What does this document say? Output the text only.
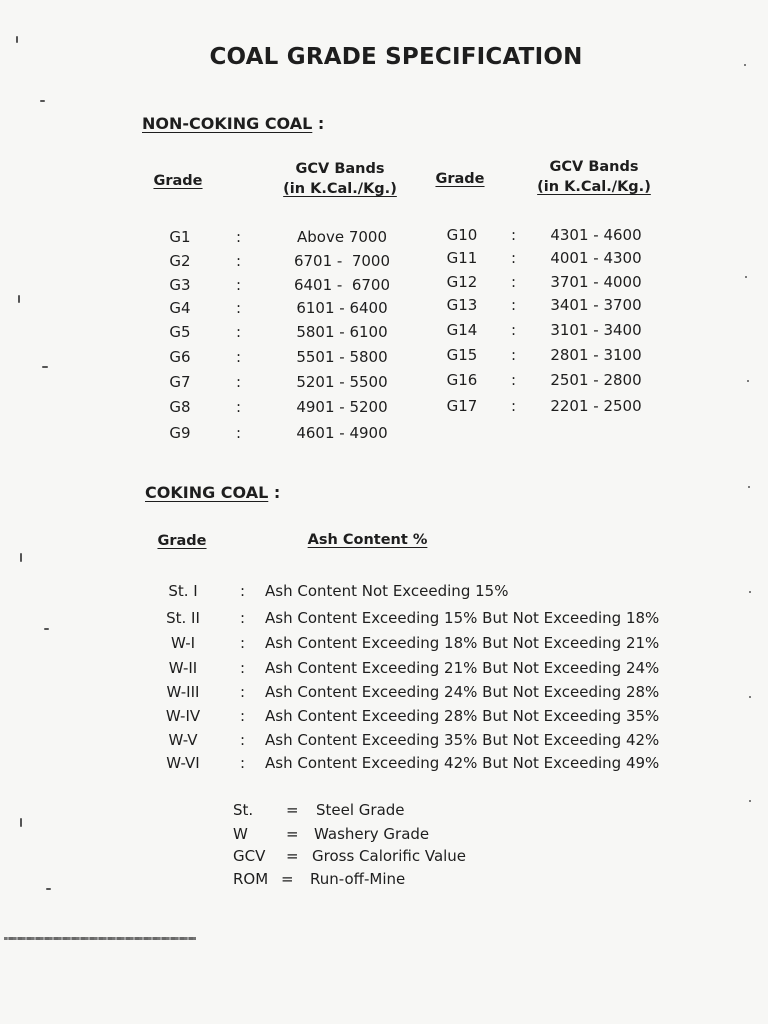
COAL GRADE SPECIFICATION
NON-COKING COAL :
Grade
GCV Bands
(in K.Cal./Kg.)
Grade
GCV Bands
(in K.Cal./Kg.)
G1	:	Above 7000
G2	:	6701 -  7000
G3	:	6401 -  6700
G4	:	6101 - 6400
G5	:	5801 - 6100
G6	:	5501 - 5800
G7	:	5201 - 5500
G8	:	4901 - 5200
G9	:	4601 - 4900
G10	:	4301 - 4600
G11	:	4001 - 4300
G12	:	3701 - 4000
G13	:	3401 - 3700
G14	:	3101 - 3400
G15	:	2801 - 3100
G16	:	2501 - 2800
G17	:	2201 - 2500
COKING COAL :
Grade	Ash Content %
St. I	: Ash Content Not Exceeding 15%
St. II	: Ash Content Exceeding 15% But Not Exceeding 18%
W-I	: Ash Content Exceeding 18% But Not Exceeding 21%
W-II	: Ash Content Exceeding 21% But Not Exceeding 24%
W-III	: Ash Content Exceeding 24% But Not Exceeding 28%
W-IV	: Ash Content Exceeding 28% But Not Exceeding 35%
W-V	: Ash Content Exceeding 35% But Not Exceeding 42%
W-VI	: Ash Content Exceeding 42% But Not Exceeding 49%
St. = Steel Grade
W	= Washery Grade
GCV = Gross Calorific Value
ROM = Run-off-Mine
